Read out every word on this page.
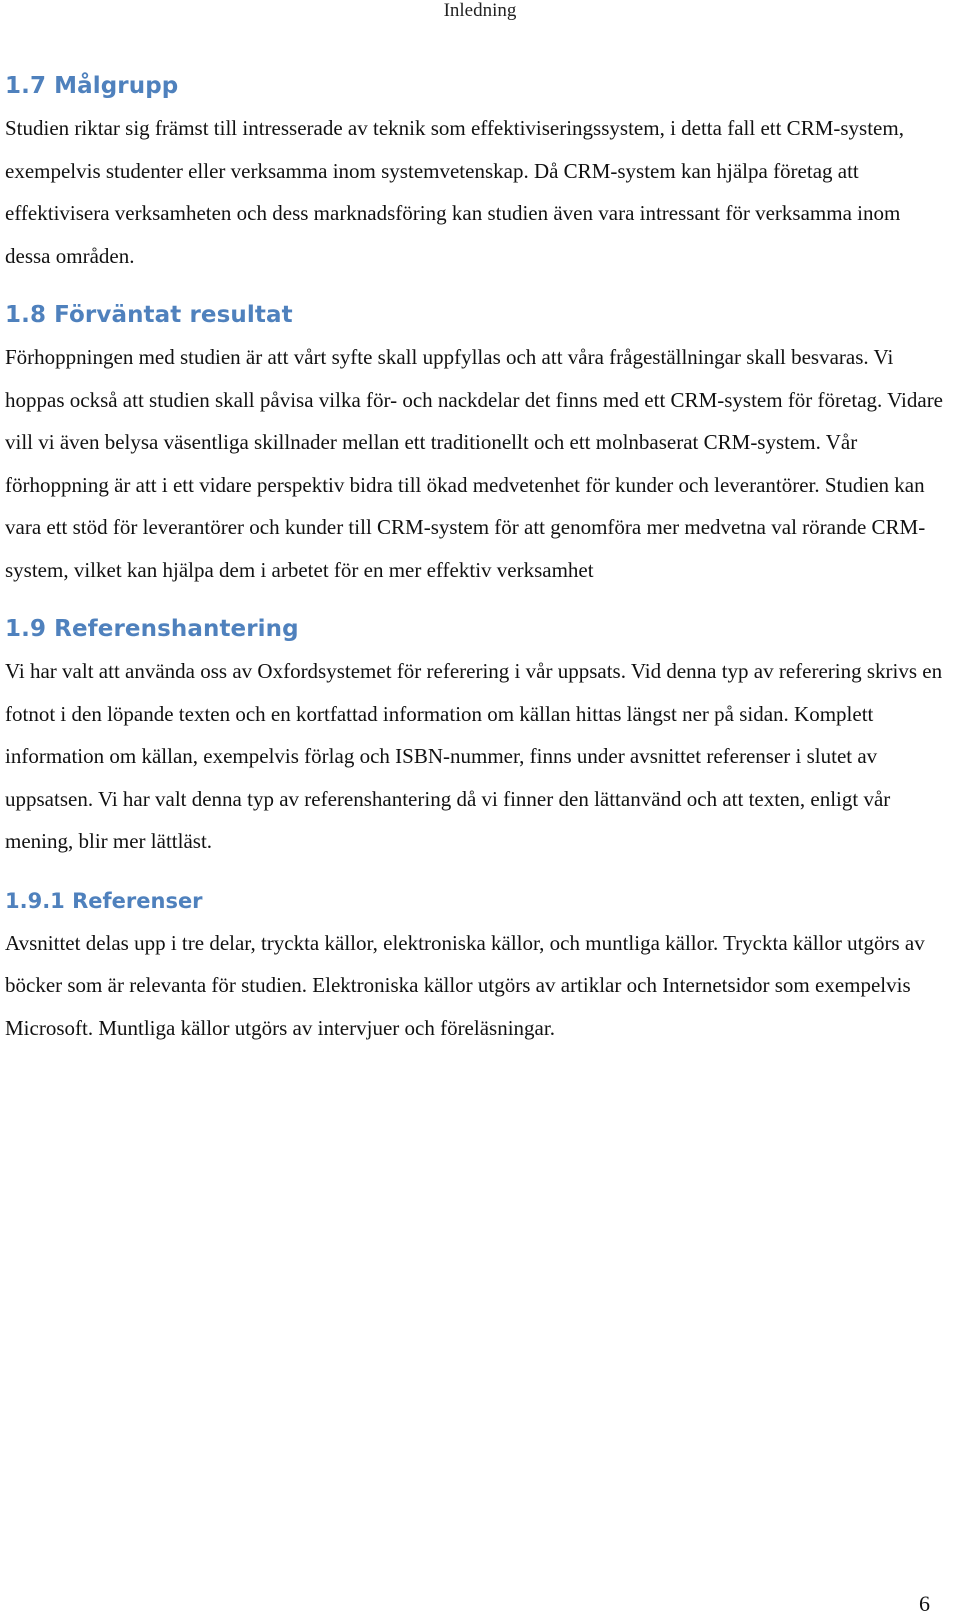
Inledning
1.7 Målgrupp

Studien riktar sig främst till intresserade av teknik som effektiviseringssystem, i detta fall ett CRM-system, exempelvis studenter eller verksamma inom systemvetenskap. Då CRM-system kan hjälpa företag att effektivisera verksamheten och dess marknadsföring kan studien även vara intressant för verksamma inom dessa områden.

1.8 Förväntat resultat

Förhoppningen med studien är att vårt syfte skall uppfyllas och att våra frågeställningar skall besvaras. Vi hoppas också att studien skall påvisa vilka för- och nackdelar det finns med ett CRM-system för företag. Vidare vill vi även belysa väsentliga skillnader mellan ett traditionellt och ett molnbaserat CRM-system. Vår förhoppning är att i ett vidare perspektiv bidra till ökad medvetenhet för kunder och leverantörer. Studien kan vara ett stöd för leverantörer och kunder till CRM-system för att genomföra mer medvetna val rörande CRM-system, vilket kan hjälpa dem i arbetet för en mer effektiv verksamhet

1.9 Referenshantering

Vi har valt att använda oss av Oxfordsystemet för referering i vår uppsats. Vid denna typ av referering skrivs en fotnot i den löpande texten och en kortfattad information om källan hittas längst ner på sidan. Komplett information om källan, exempelvis förlag och ISBN-nummer, finns under avsnittet referenser i slutet av uppsatsen. Vi har valt denna typ av referenshantering då vi finner den lättanvänd och att texten, enligt vår mening, blir mer lättläst.

1.9.1 Referenser

Avsnittet delas upp i tre delar, tryckta källor, elektroniska källor, och muntliga källor. Tryckta källor utgörs av böcker som är relevanta för studien. Elektroniska källor utgörs av artiklar och Internetsidor som exempelvis Microsoft. Muntliga källor utgörs av intervjuer och föreläsningar.

6
